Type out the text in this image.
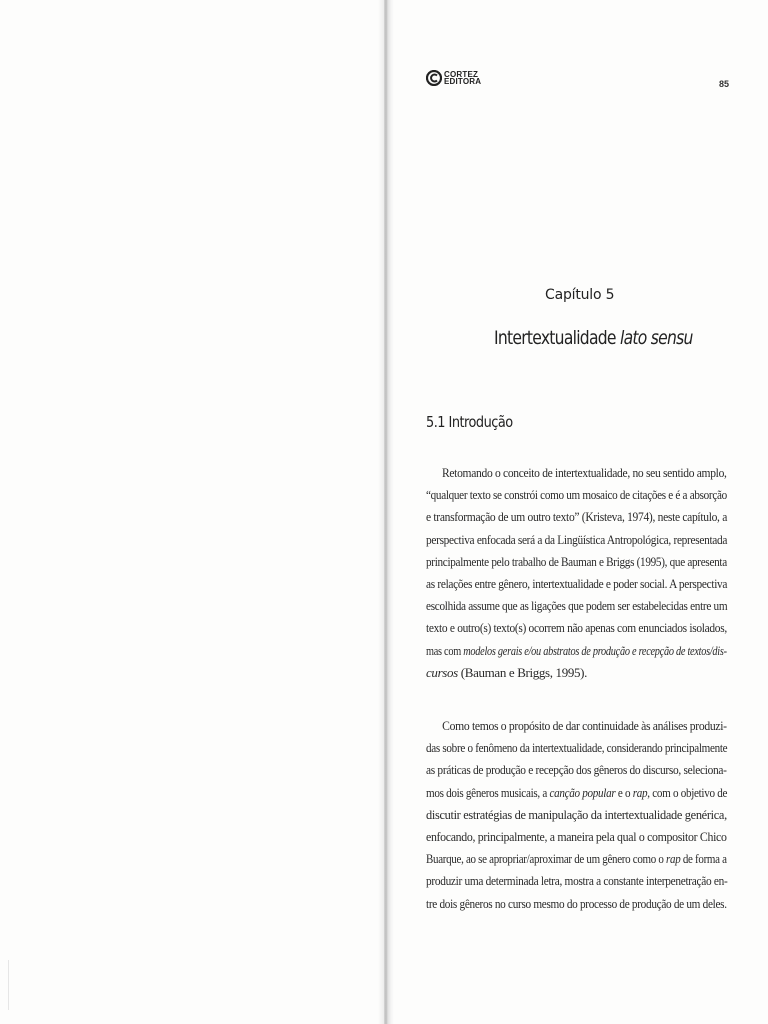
CORTEZ
EDITORA	85
Capítulo 5
Intertextualidade lato sensu
5.1 Introdução
Retomando o conceito de intertextualidade, no seu sentido amplo,
“qualquer texto se constrói como um mosaico de citações e é a absorção
e transformação de um outro texto” (Kristeva, 1974), neste capítulo, a
perspectiva enfocada será a da Lingüística Antropológica, representada
principalmente pelo trabalho de Bauman e Briggs (1995), que apresenta
as relações entre gênero, intertextualidade e poder social. A perspectiva
escolhida assume que as ligações que podem ser estabelecidas entre um
texto e outro(s) texto(s) ocorrem não apenas com enunciados isolados,
mas com modelos gerais e/ou abstratos de produção e recepção de textos/dis-
cursos (Bauman e Briggs, 1995).
Como temos o propósito de dar continuidade às análises produzi-
das sobre o fenômeno da intertextualidade, considerando principalmente
as práticas de produção e recepção dos gêneros do discurso, seleciona-
mos dois gêneros musicais, a canção popular e o rap, com o objetivo de
discutir estratégias de manipulação da intertextualidade genérica,
enfocando, principalmente, a maneira pela qual o compositor Chico
Buarque, ao se apropriar/aproximar de um gênero como o rap de forma a
produzir uma determinada letra, mostra a constante interpenetração en-
tre dois gêneros no curso mesmo do processo de produção de um deles.
